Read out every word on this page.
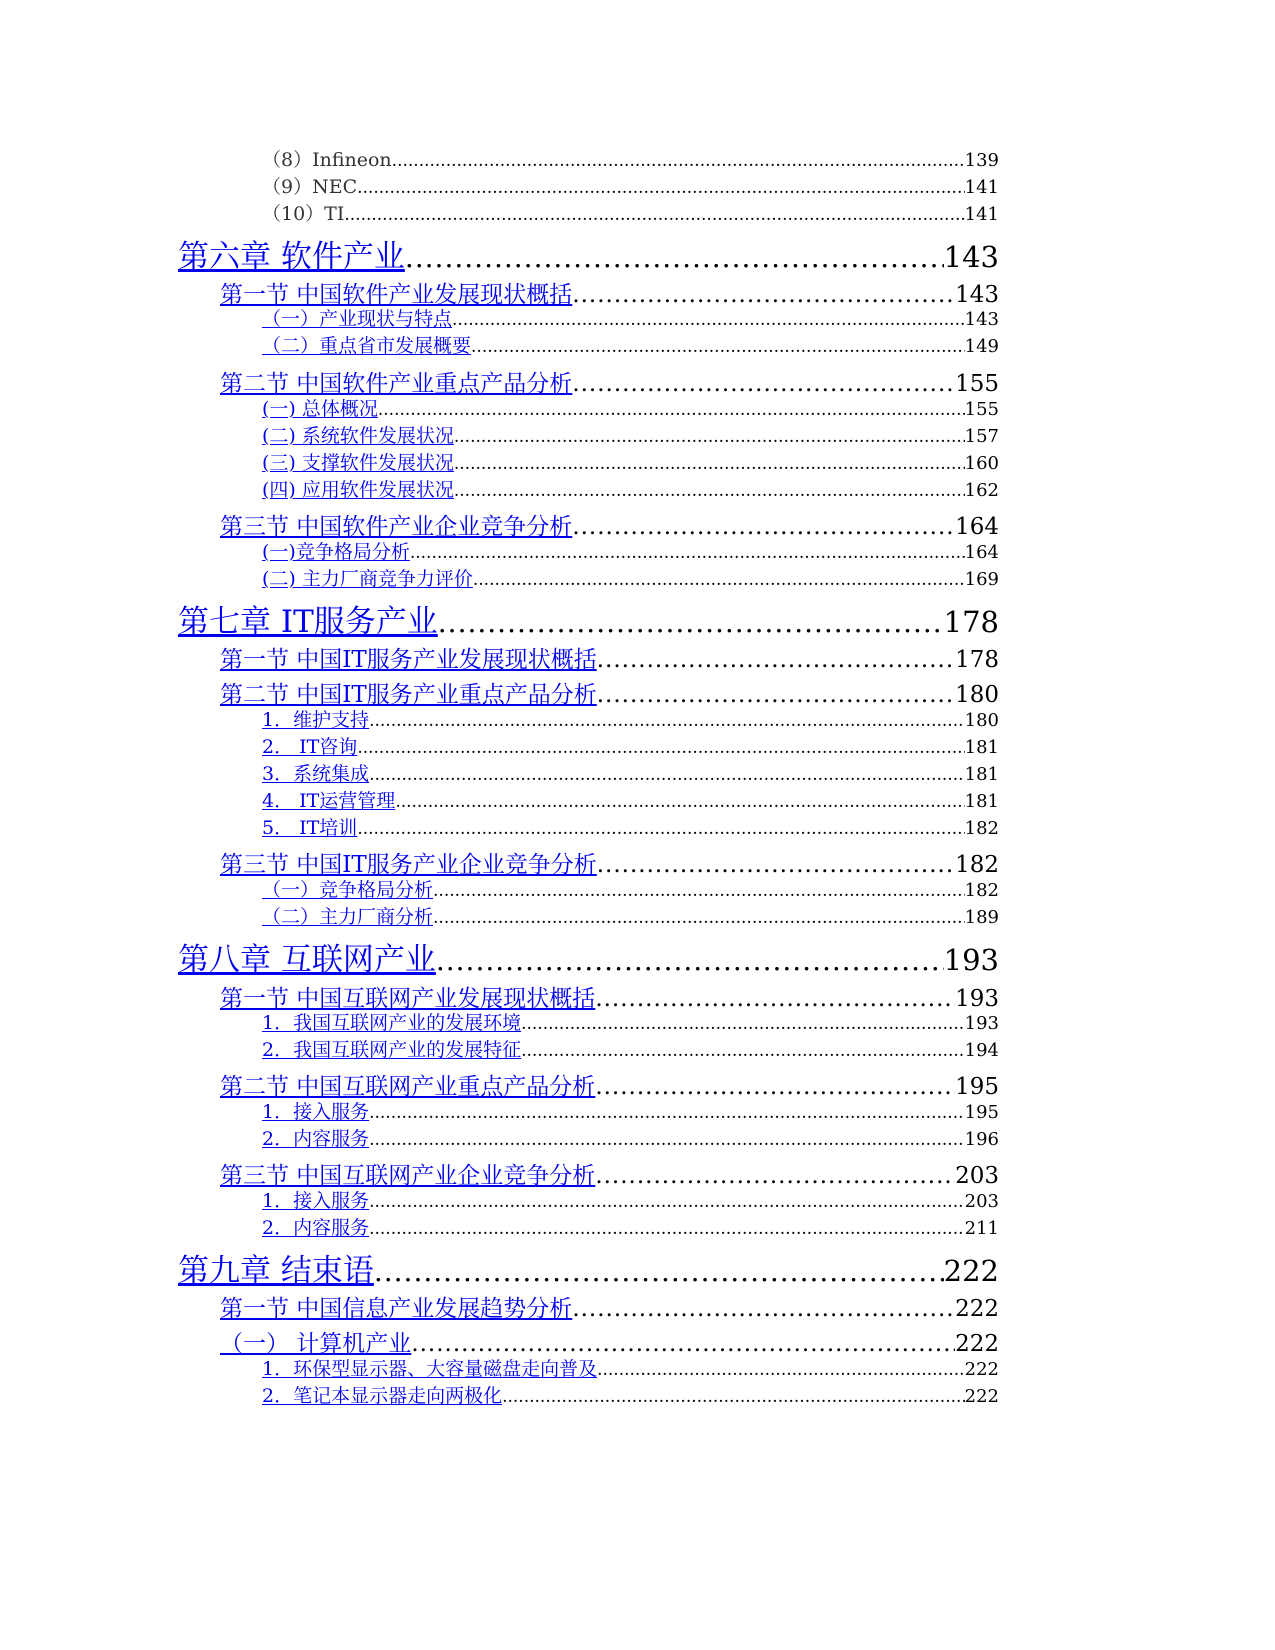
（8）Infineon .....	139
（9）NEC .....	141
（10）TI .....	141
第六章 软件产业 .....	143
第一节 中国软件产业发展现状概括 .....	143
（一）产业现状与特点 .....	143
（二）重点省市发展概要 .....	149
第二节 中国软件产业重点产品分析 .....	155
(一) 总体概况 .....	155
(二) 系统软件发展状况 .....	157
(三) 支撑软件发展状况 .....	160
(四) 应用软件发展状况 .....	162
第三节 中国软件产业企业竞争分析 .....	164
(一)竞争格局分析 .....	164
(二) 主力厂商竞争力评价 .....	169
第七章 IT服务产业 .....	178
第一节 中国IT服务产业发展现状概括 .....	178
第二节 中国IT服务产业重点产品分析 .....	180
1．维护支持 .....	180
2． IT咨询 .....	181
3．系统集成 .....	181
4． IT运营管理 .....	181
5． IT培训 .....	182
第三节 中国IT服务产业企业竞争分析 .....	182
（一）竞争格局分析 .....	182
（二）主力厂商分析 .....	189
第八章 互联网产业 .....	193
第一节 中国互联网产业发展现状概括 .....	193
1．我国互联网产业的发展环境 .....	193
2．我国互联网产业的发展特征 .....	194
第二节 中国互联网产业重点产品分析 .....	195
1．接入服务 .....	195
2．内容服务 .....	196
第三节 中国互联网产业企业竞争分析 .....	203
1．接入服务 .....	203
2．内容服务 .....	211
第九章 结束语 .....	222
第一节 中国信息产业发展趋势分析 .....	222
（一） 计算机产业 .....	222
1．环保型显示器、大容量磁盘走向普及 .....	222
2．笔记本显示器走向两极化 .....	222
